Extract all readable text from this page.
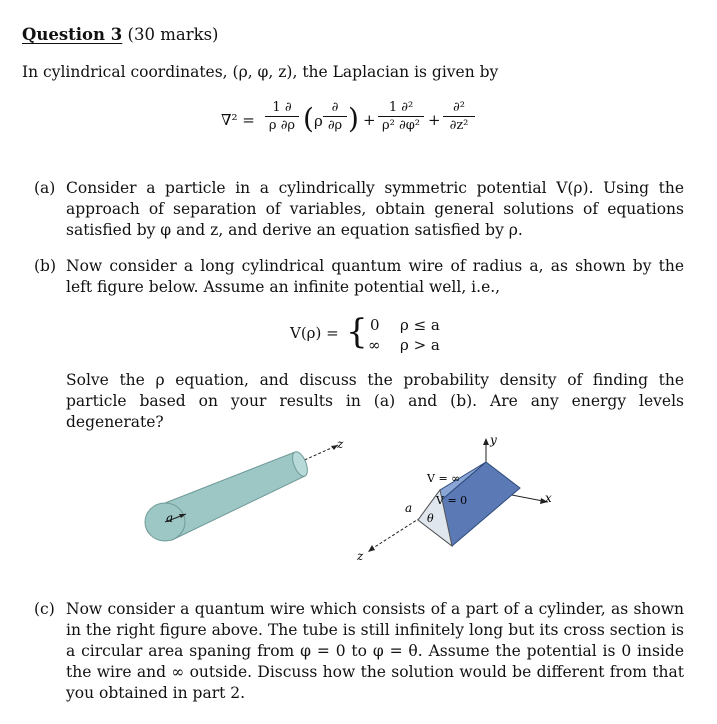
Question 3 (30 marks)
In cylindrical coordinates, (ρ, φ, z), the Laplacian is given by
∇² =
1 ∂
ρ ∂ρ ( ρ
∂
∂ρ ) +
1 ∂²
ρ² ∂φ² +
∂²
∂z²
(a) Consider a particle in a cylindrically symmetric potential V(ρ). Using the approach of separation of variables, obtain general solutions of equations satisfied by φ and z, and derive an equation satisfied by ρ.
(b) Now consider a long cylindrical quantum wire of radius a, as shown by the left figure below. Assume an infinite potential well, i.e.,
V(ρ) = { 0 ρ ≤ a
∞ ρ > a
Solve the ρ equation, and discuss the probability density of finding the particle based on your results in (a) and (b). Are any energy levels degenerate?
z
a
y
x
z
V = ∞
V = 0
a
θ
(c) Now consider a quantum wire which consists of a part of a cylinder, as shown in the right figure above. The tube is still infinitely long but its cross section is a circular area spaning from φ = 0 to φ = θ. Assume the potential is 0 inside the wire and ∞ outside. Discuss how the solution would be different from that you obtained in part 2.
